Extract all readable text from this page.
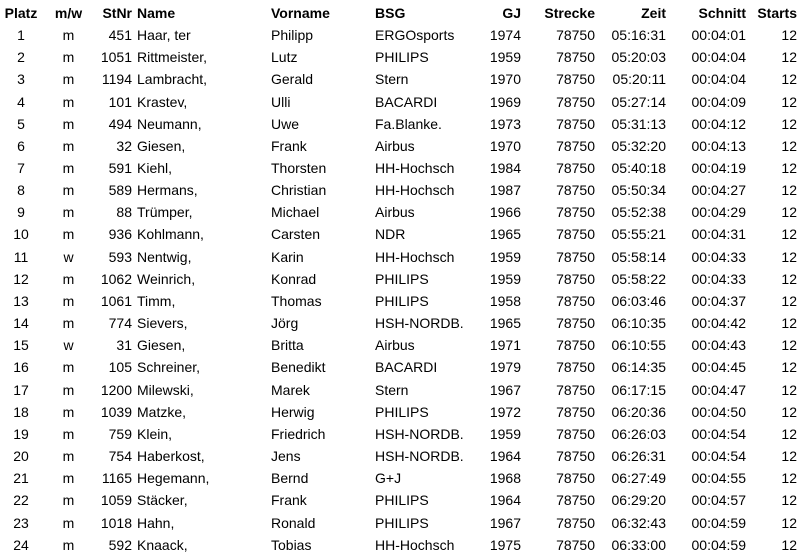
Platz	m/w	StNr	Name	Vorname	BSG	GJ	Strecke	Zeit	Schnitt	Starts
1	m	451	Haar, ter	Philipp	ERGOsports	1974	78750	05:16:31	00:04:01	12
2	m	1051	Rittmeister,	Lutz	PHILIPS	1959	78750	05:20:03	00:04:04	12
3	m	1194	Lambracht,	Gerald	Stern	1970	78750	05:20:11	00:04:04	12
4	m	101	Krastev,	Ulli	BACARDI	1969	78750	05:27:14	00:04:09	12
5	m	494	Neumann,	Uwe	Fa.Blanke.	1973	78750	05:31:13	00:04:12	12
6	m	32	Giesen,	Frank	Airbus	1970	78750	05:32:20	00:04:13	12
7	m	591	Kiehl,	Thorsten	HH-Hochsch	1984	78750	05:40:18	00:04:19	12
8	m	589	Hermans,	Christian	HH-Hochsch	1987	78750	05:50:34	00:04:27	12
9	m	88	Trümper,	Michael	Airbus	1966	78750	05:52:38	00:04:29	12
10	m	936	Kohlmann,	Carsten	NDR	1965	78750	05:55:21	00:04:31	12
11	w	593	Nentwig,	Karin	HH-Hochsch	1959	78750	05:58:14	00:04:33	12
12	m	1062	Weinrich,	Konrad	PHILIPS	1959	78750	05:58:22	00:04:33	12
13	m	1061	Timm,	Thomas	PHILIPS	1958	78750	06:03:46	00:04:37	12
14	m	774	Sievers,	Jörg	HSH-NORDB.	1965	78750	06:10:35	00:04:42	12
15	w	31	Giesen,	Britta	Airbus	1971	78750	06:10:55	00:04:43	12
16	m	105	Schreiner,	Benedikt	BACARDI	1979	78750	06:14:35	00:04:45	12
17	m	1200	Milewski,	Marek	Stern	1967	78750	06:17:15	00:04:47	12
18	m	1039	Matzke,	Herwig	PHILIPS	1972	78750	06:20:36	00:04:50	12
19	m	759	Klein,	Friedrich	HSH-NORDB.	1959	78750	06:26:03	00:04:54	12
20	m	754	Haberkost,	Jens	HSH-NORDB.	1964	78750	06:26:31	00:04:54	12
21	m	1165	Hegemann,	Bernd	G+J	1968	78750	06:27:49	00:04:55	12
22	m	1059	Stäcker,	Frank	PHILIPS	1964	78750	06:29:20	00:04:57	12
23	m	1018	Hahn,	Ronald	PHILIPS	1967	78750	06:32:43	00:04:59	12
24	m	592	Knaack,	Tobias	HH-Hochsch	1975	78750	06:33:00	00:04:59	12
